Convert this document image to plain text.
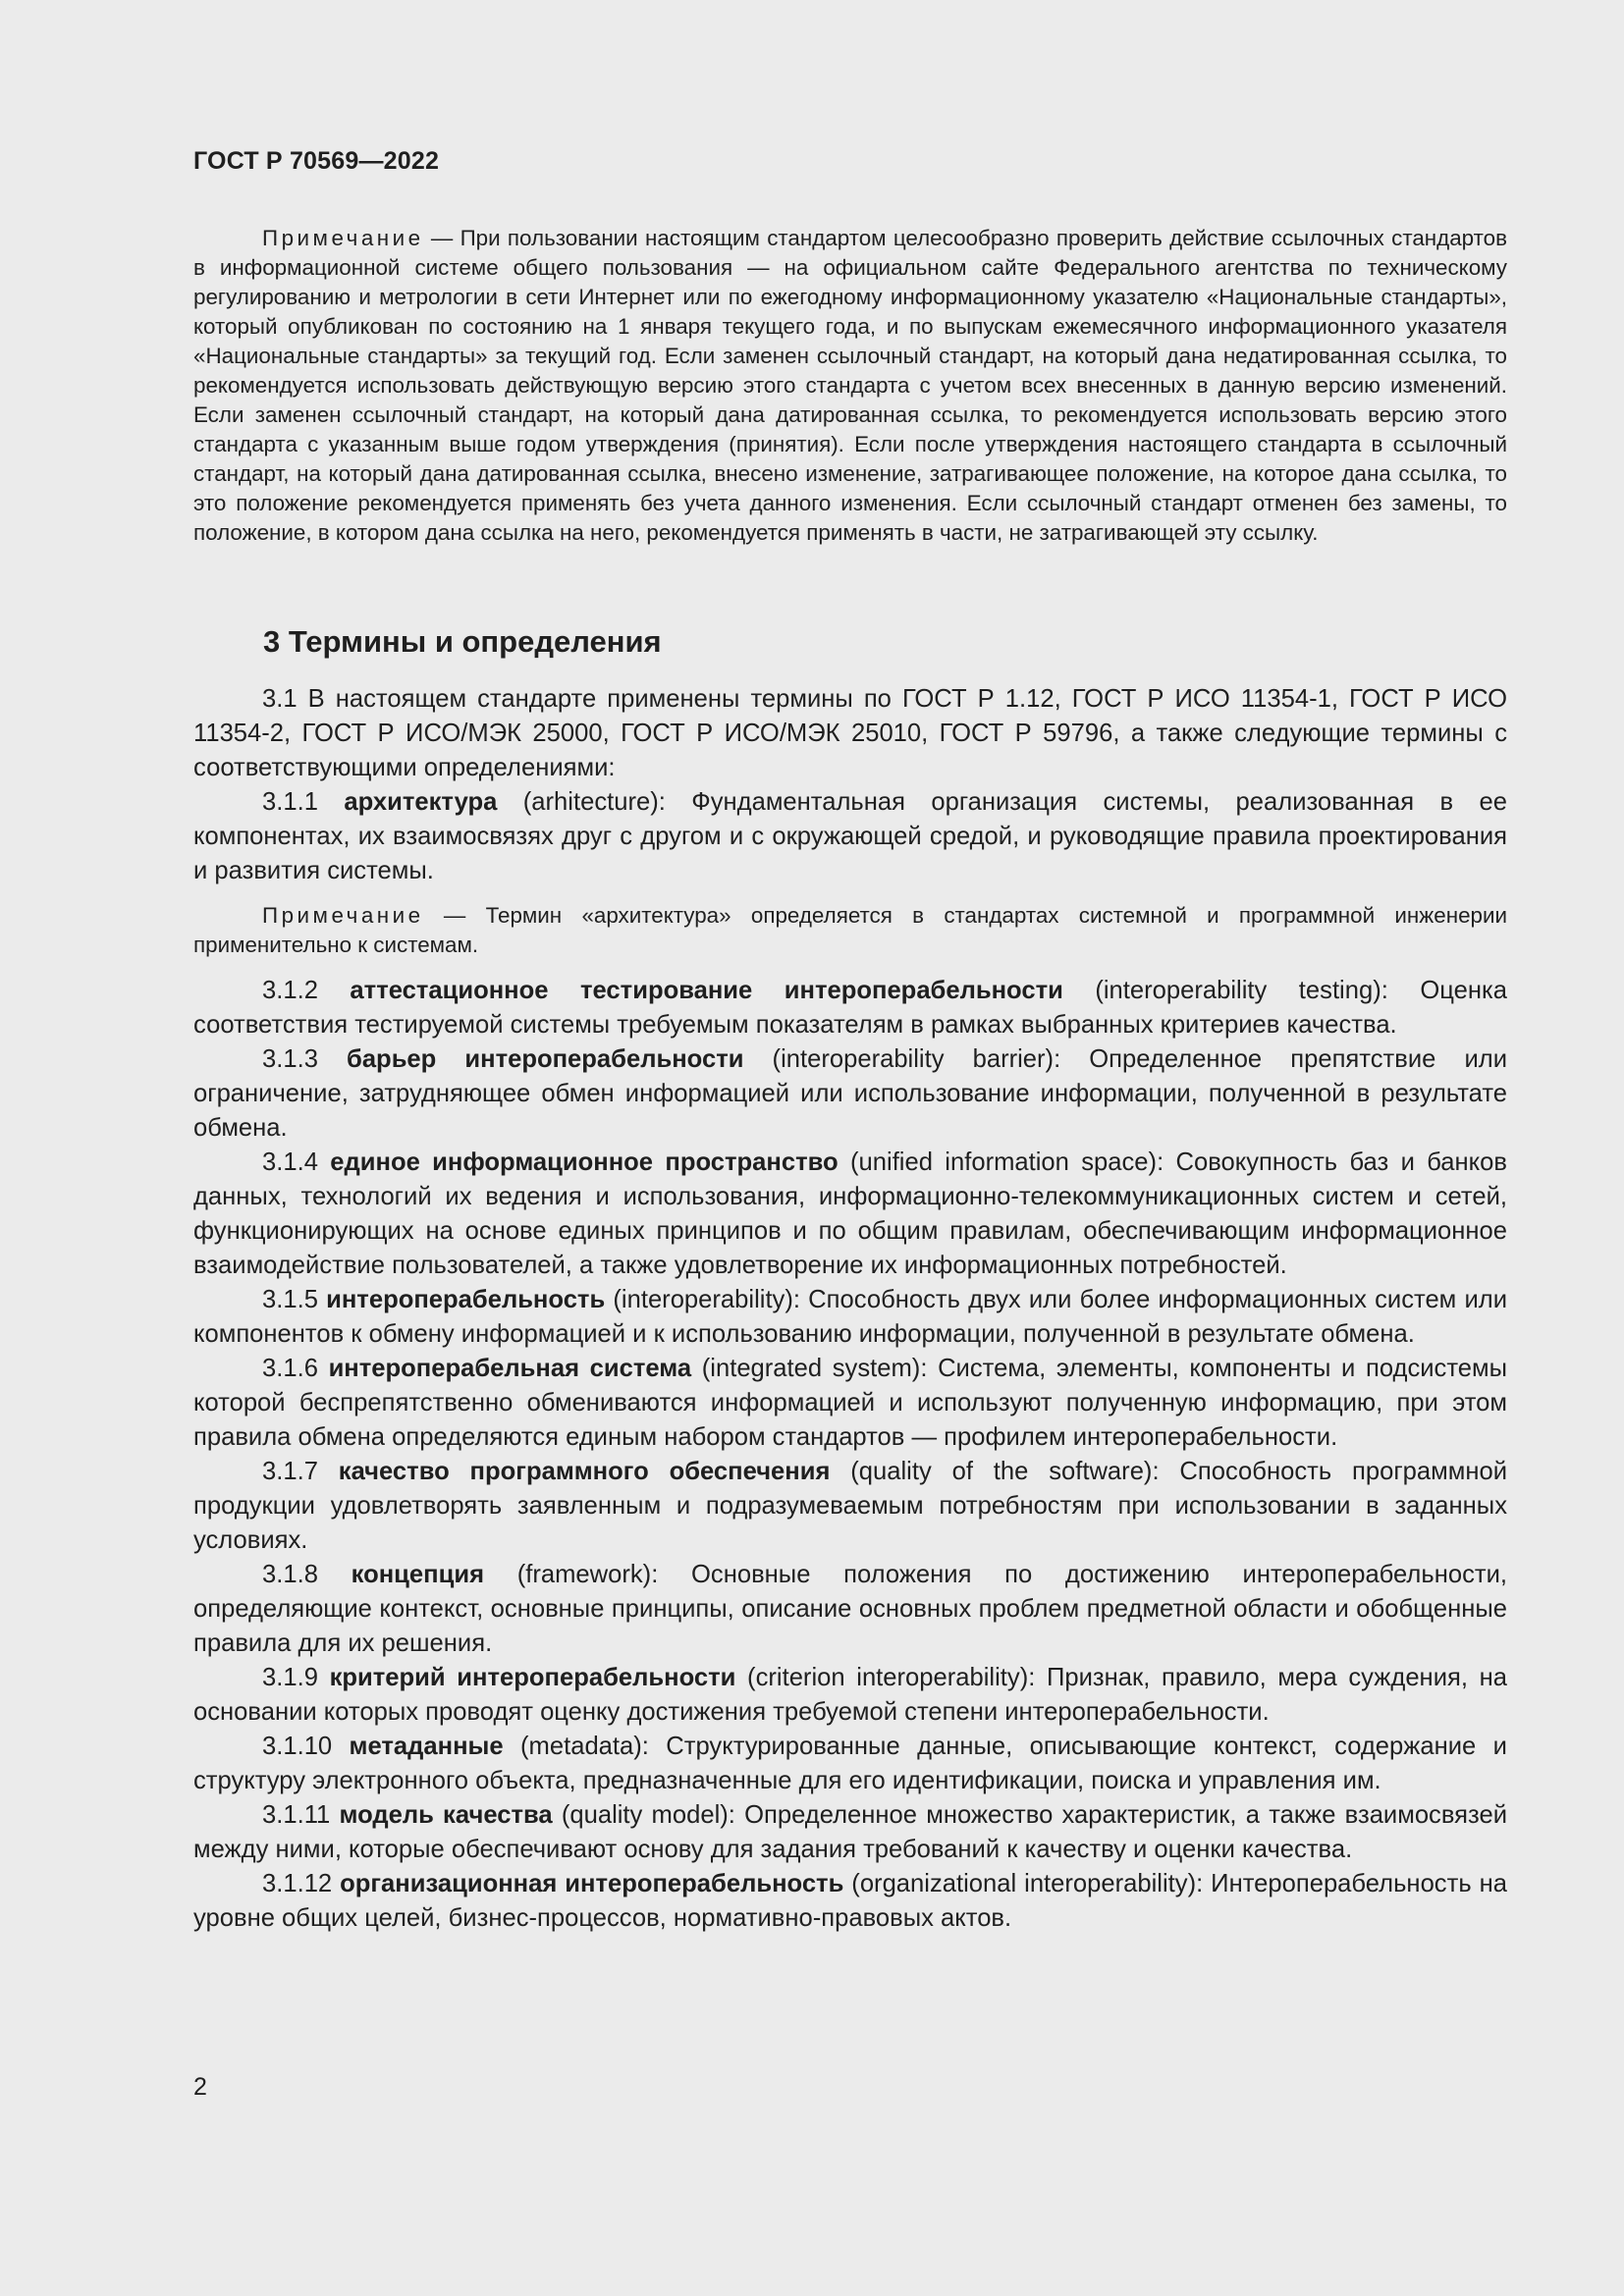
ГОСТ Р 70569—2022

Примечание — При пользовании настоящим стандартом целесообразно проверить действие ссылочных стандартов в информационной системе общего пользования — на официальном сайте Федерального агентства по техническому регулированию и метрологии в сети Интернет или по ежегодному информационному указателю «Национальные стандарты», который опубликован по состоянию на 1 января текущего года, и по выпускам ежемесячного информационного указателя «Национальные стандарты» за текущий год. Если заменен ссылочный стандарт, на который дана недатированная ссылка, то рекомендуется использовать действующую версию этого стандарта с учетом всех внесенных в данную версию изменений. Если заменен ссылочный стандарт, на который дана датированная ссылка, то рекомендуется использовать версию этого стандарта с указанным выше годом утверждения (принятия). Если после утверждения настоящего стандарта в ссылочный стандарт, на который дана датированная ссылка, внесено изменение, затрагивающее положение, на которое дана ссылка, то это положение рекомендуется применять без учета данного изменения. Если ссылочный стандарт отменен без замены, то положение, в котором дана ссылка на него, рекомендуется применять в части, не затрагивающей эту ссылку.

3 Термины и определения

3.1 В настоящем стандарте применены термины по ГОСТ Р 1.12, ГОСТ Р ИСО 11354-1, ГОСТ Р ИСО 11354-2, ГОСТ Р ИСО/МЭК 25000, ГОСТ Р ИСО/МЭК 25010, ГОСТ Р 59796, а также следующие термины с соответствующими определениями:

3.1.1 архитектура (arhitecture): Фундаментальная организация системы, реализованная в ее компонентах, их взаимосвязях друг с другом и с окружающей средой, и руководящие правила проектирования и развития системы.

Примечание — Термин «архитектура» определяется в стандартах системной и программной инженерии применительно к системам.

3.1.2 аттестационное тестирование интероперабельности (interoperability testing): Оценка соответствия тестируемой системы требуемым показателям в рамках выбранных критериев качества.

3.1.3 барьер интероперабельности (interoperability barrier): Определенное препятствие или ограничение, затрудняющее обмен информацией или использование информации, полученной в результате обмена.

3.1.4 единое информационное пространство (unified information space): Совокупность баз и банков данных, технологий их ведения и использования, информационно-телекоммуникационных систем и сетей, функционирующих на основе единых принципов и по общим правилам, обеспечивающим информационное взаимодействие пользователей, а также удовлетворение их информационных потребностей.

3.1.5 интероперабельность (interoperability): Способность двух или более информационных систем или компонентов к обмену информацией и к использованию информации, полученной в результате обмена.

3.1.6 интероперабельная система (integrated system): Система, элементы, компоненты и подсистемы которой беспрепятственно обмениваются информацией и используют полученную информацию, при этом правила обмена определяются единым набором стандартов — профилем интероперабельности.

3.1.7 качество программного обеспечения (quality of the software): Способность программной продукции удовлетворять заявленным и подразумеваемым потребностям при использовании в заданных условиях.

3.1.8 концепция (framework): Основные положения по достижению интероперабельности, определяющие контекст, основные принципы, описание основных проблем предметной области и обобщенные правила для их решения.

3.1.9 критерий интероперабельности (criterion interoperability): Признак, правило, мера суждения, на основании которых проводят оценку достижения требуемой степени интероперабельности.

3.1.10 метаданные (metadata): Структурированные данные, описывающие контекст, содержание и структуру электронного объекта, предназначенные для его идентификации, поиска и управления им.

3.1.11 модель качества (quality model): Определенное множество характеристик, а также взаимосвязей между ними, которые обеспечивают основу для задания требований к качеству и оценки качества.

3.1.12 организационная интероперабельность (organizational interoperability): Интероперабельность на уровне общих целей, бизнес-процессов, нормативно-правовых актов.

2
